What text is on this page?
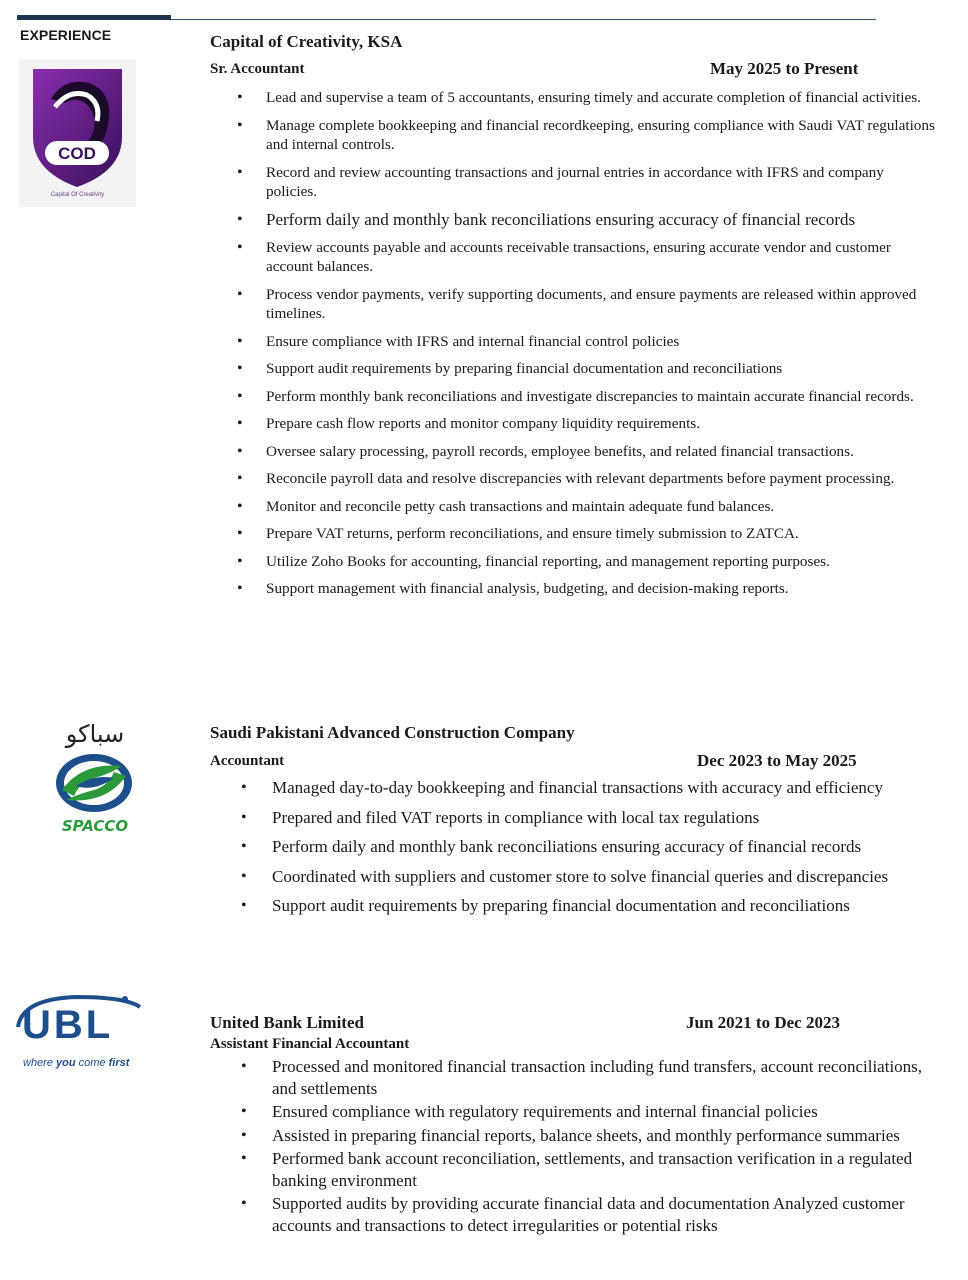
EXPERIENCE
COD
Capital Of Creativity
سباكو
SPACCO
UBL
where you come first
Capital of Creativity, KSA
Sr. Accountant	May 2025 to Present
• Lead and supervise a team of 5 accountants, ensuring timely and accurate completion of financial activities.
• Manage complete bookkeeping and financial recordkeeping, ensuring compliance with Saudi VAT regulations and internal controls.
• Record and review accounting transactions and journal entries in accordance with IFRS and company policies.
• Perform daily and monthly bank reconciliations ensuring accuracy of financial records
• Review accounts payable and accounts receivable transactions, ensuring accurate vendor and customer account balances.
• Process vendor payments, verify supporting documents, and ensure payments are released within approved timelines.
• Ensure compliance with IFRS and internal financial control policies
• Support audit requirements by preparing financial documentation and reconciliations
• Perform monthly bank reconciliations and investigate discrepancies to maintain accurate financial records.
• Prepare cash flow reports and monitor company liquidity requirements.
• Oversee salary processing, payroll records, employee benefits, and related financial transactions.
• Reconcile payroll data and resolve discrepancies with relevant departments before payment processing.
• Monitor and reconcile petty cash transactions and maintain adequate fund balances.
• Prepare VAT returns, perform reconciliations, and ensure timely submission to ZATCA.
• Utilize Zoho Books for accounting, financial reporting, and management reporting purposes.
• Support management with financial analysis, budgeting, and decision-making reports.
Saudi Pakistani Advanced Construction Company
Accountant	Dec 2023 to May 2025
• Managed day-to-day bookkeeping and financial transactions with accuracy and efficiency
• Prepared and filed VAT reports in compliance with local tax regulations
• Perform daily and monthly bank reconciliations ensuring accuracy of financial records
• Coordinated with suppliers and customer store to solve financial queries and discrepancies
• Support audit requirements by preparing financial documentation and reconciliations
United Bank Limited	Jun 2021 to Dec 2023
Assistant Financial Accountant
• Processed and monitored financial transaction including fund transfers, account reconciliations, and settlements
• Ensured compliance with regulatory requirements and internal financial policies
• Assisted in preparing financial reports, balance sheets, and monthly performance summaries
• Performed bank account reconciliation, settlements, and transaction verification in a regulated banking environment
• Supported audits by providing accurate financial data and documentation Analyzed customer accounts and transactions to detect irregularities or potential risks
